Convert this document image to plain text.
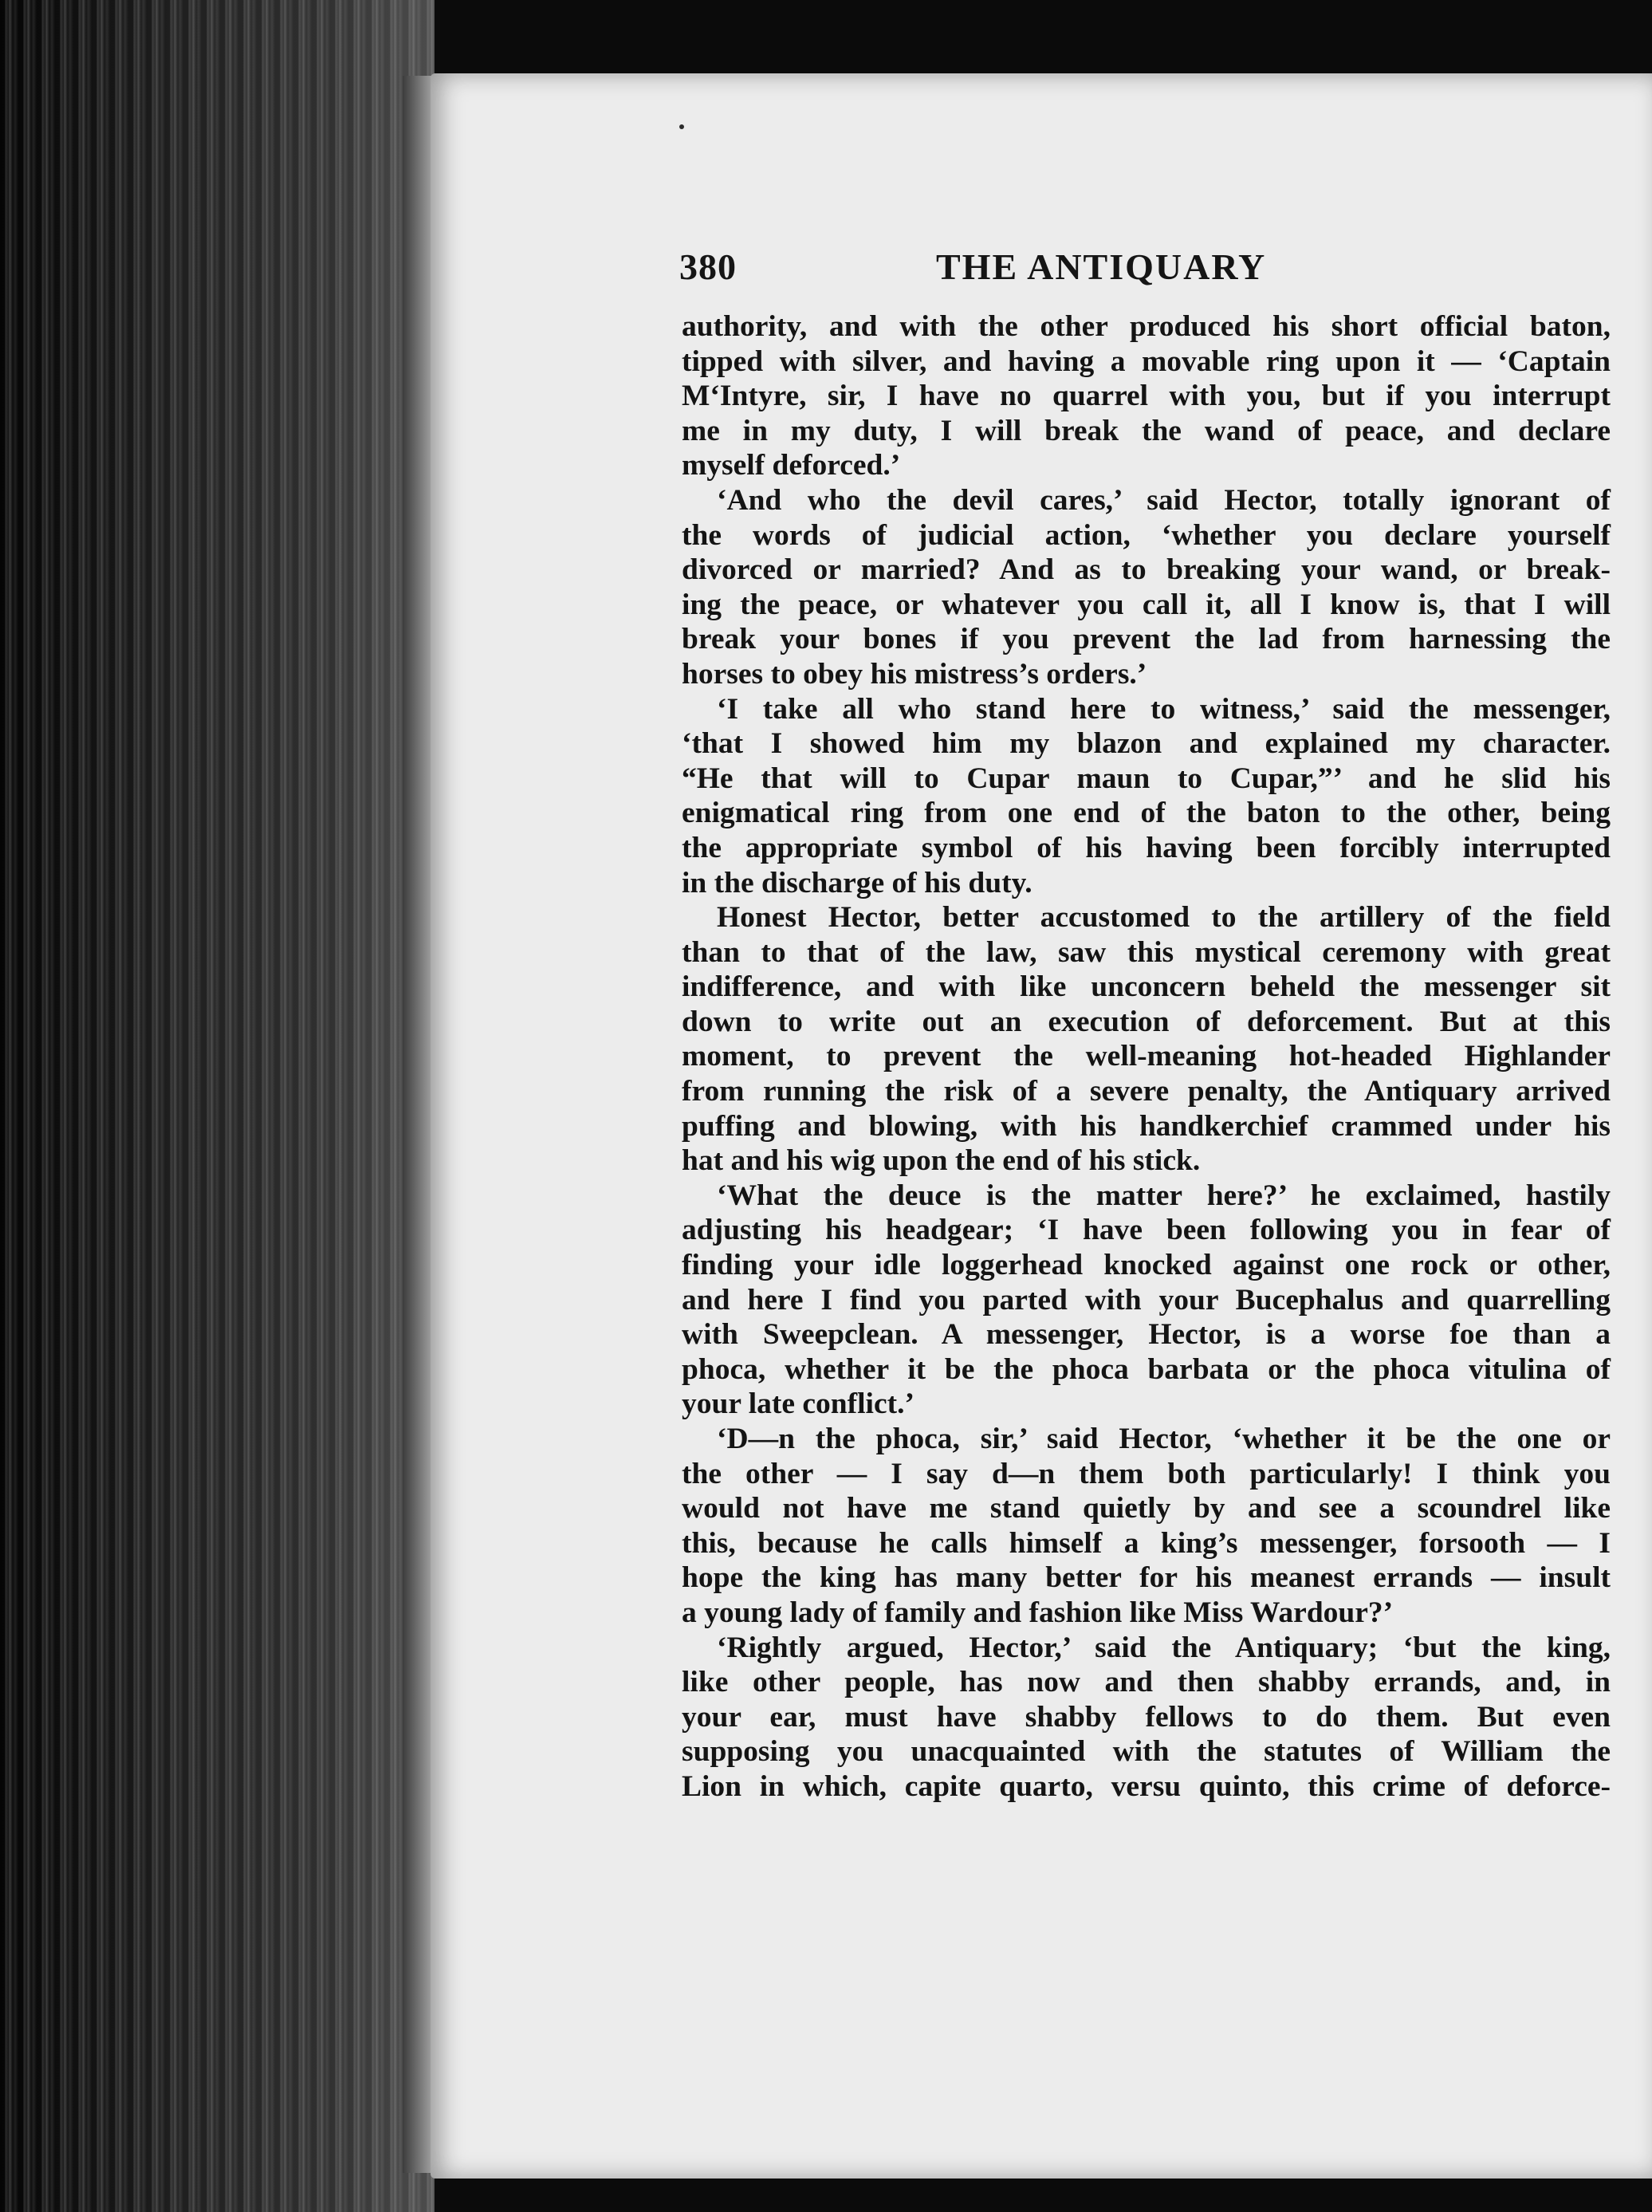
380	THE ANTIQUARY
authority, and with the other produced his short official baton,
tipped with silver, and having a movable ring upon it — ‘Captain
M‘Intyre, sir, I have no quarrel with you, but if you interrupt
me in my duty, I will break the wand of peace, and declare
myself deforced.’
‘And who the devil cares,’ said Hector, totally ignorant of
the words of judicial action, ‘whether you declare yourself
divorced or married? And as to breaking your wand, or break-
ing the peace, or whatever you call it, all I know is, that I will
break your bones if you prevent the lad from harnessing the
horses to obey his mistress’s orders.’
‘I take all who stand here to witness,’ said the messenger,
‘that I showed him my blazon and explained my character.
“He that will to Cupar maun to Cupar,”’ and he slid his
enigmatical ring from one end of the baton to the other, being
the appropriate symbol of his having been forcibly interrupted
in the discharge of his duty.
Honest Hector, better accustomed to the artillery of the field
than to that of the law, saw this mystical ceremony with great
indifference, and with like unconcern beheld the messenger sit
down to write out an execution of deforcement. But at this
moment, to prevent the well-meaning hot-headed Highlander
from running the risk of a severe penalty, the Antiquary arrived
puffing and blowing, with his handkerchief crammed under his
hat and his wig upon the end of his stick.
‘What the deuce is the matter here?’ he exclaimed, hastily
adjusting his headgear; ‘I have been following you in fear of
finding your idle loggerhead knocked against one rock or other,
and here I find you parted with your Bucephalus and quarrelling
with Sweepclean. A messenger, Hector, is a worse foe than a
phoca, whether it be the phoca barbata or the phoca vitulina of
your late conflict.’
‘D—n the phoca, sir,’ said Hector, ‘whether it be the one or
the other — I say d—n them both particularly! I think you
would not have me stand quietly by and see a scoundrel like
this, because he calls himself a king’s messenger, forsooth — I
hope the king has many better for his meanest errands — insult
a young lady of family and fashion like Miss Wardour?’
‘Rightly argued, Hector,’ said the Antiquary; ‘but the king,
like other people, has now and then shabby errands, and, in
your ear, must have shabby fellows to do them. But even
supposing you unacquainted with the statutes of William the
Lion in which, capite quarto, versu quinto, this crime of deforce-
